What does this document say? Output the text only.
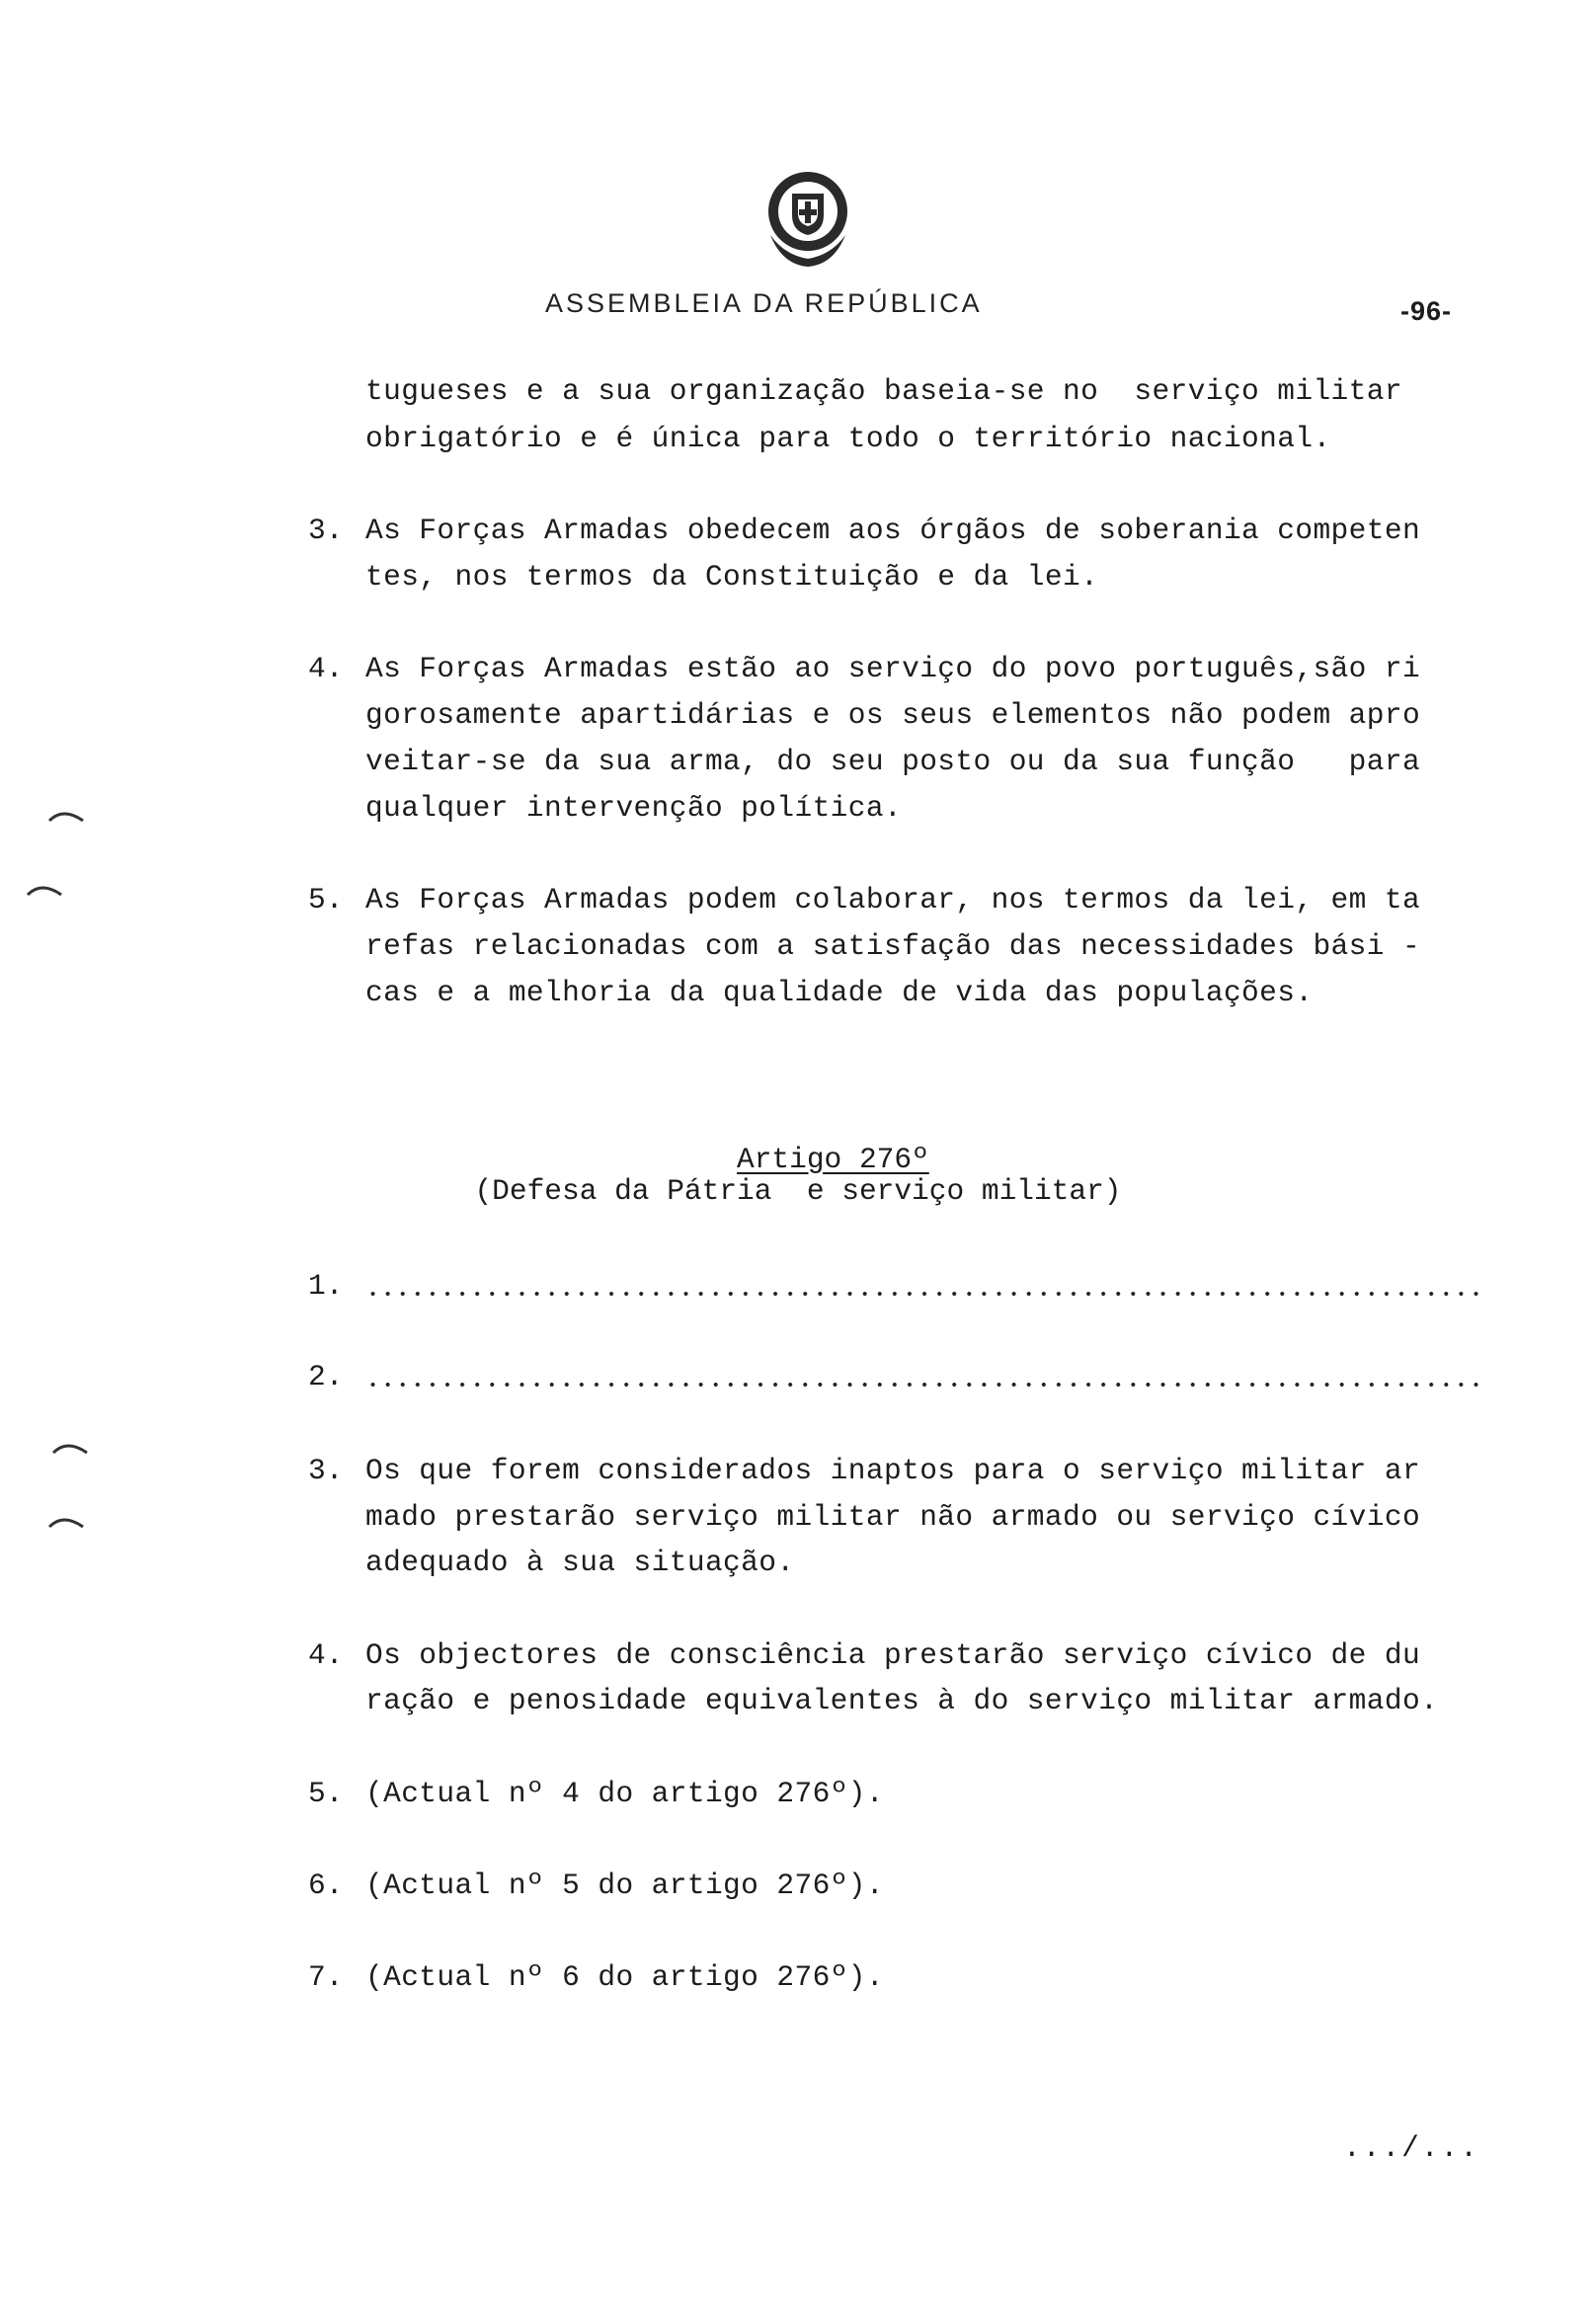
ASSEMBLEIA DA REPÚBLICA	-96-
tugueses e a sua organização baseia-se no  serviço militar
obrigatório e é única para todo o território nacional.
3. As Forças Armadas obedecem aos órgãos de soberania competen
tes, nos termos da Constituição e da lei.
4. As Forças Armadas estão ao serviço do povo português,são ri
gorosamente apartidárias e os seus elementos não podem apro
veitar-se da sua arma, do seu posto ou da sua função   para
qualquer intervenção política.
5. As Forças Armadas podem colaborar, nos termos da lei, em ta
refas relacionadas com a satisfação das necessidades bási -
cas e a melhoria da qualidade de vida das populações.

Artigo 276º

(Defesa da Pátria  e serviço militar)
1.
2.
3. Os que forem considerados inaptos para o serviço militar ar
mado prestarão serviço militar não armado ou serviço cívico
adequado à sua situação.
4. Os objectores de consciência prestarão serviço cívico de du
ração e penosidade equivalentes à do serviço militar armado.
5. (Actual nº 4 do artigo 276º).
6. (Actual nº 5 do artigo 276º).
7. (Actual nº 6 do artigo 276º).
.../...
